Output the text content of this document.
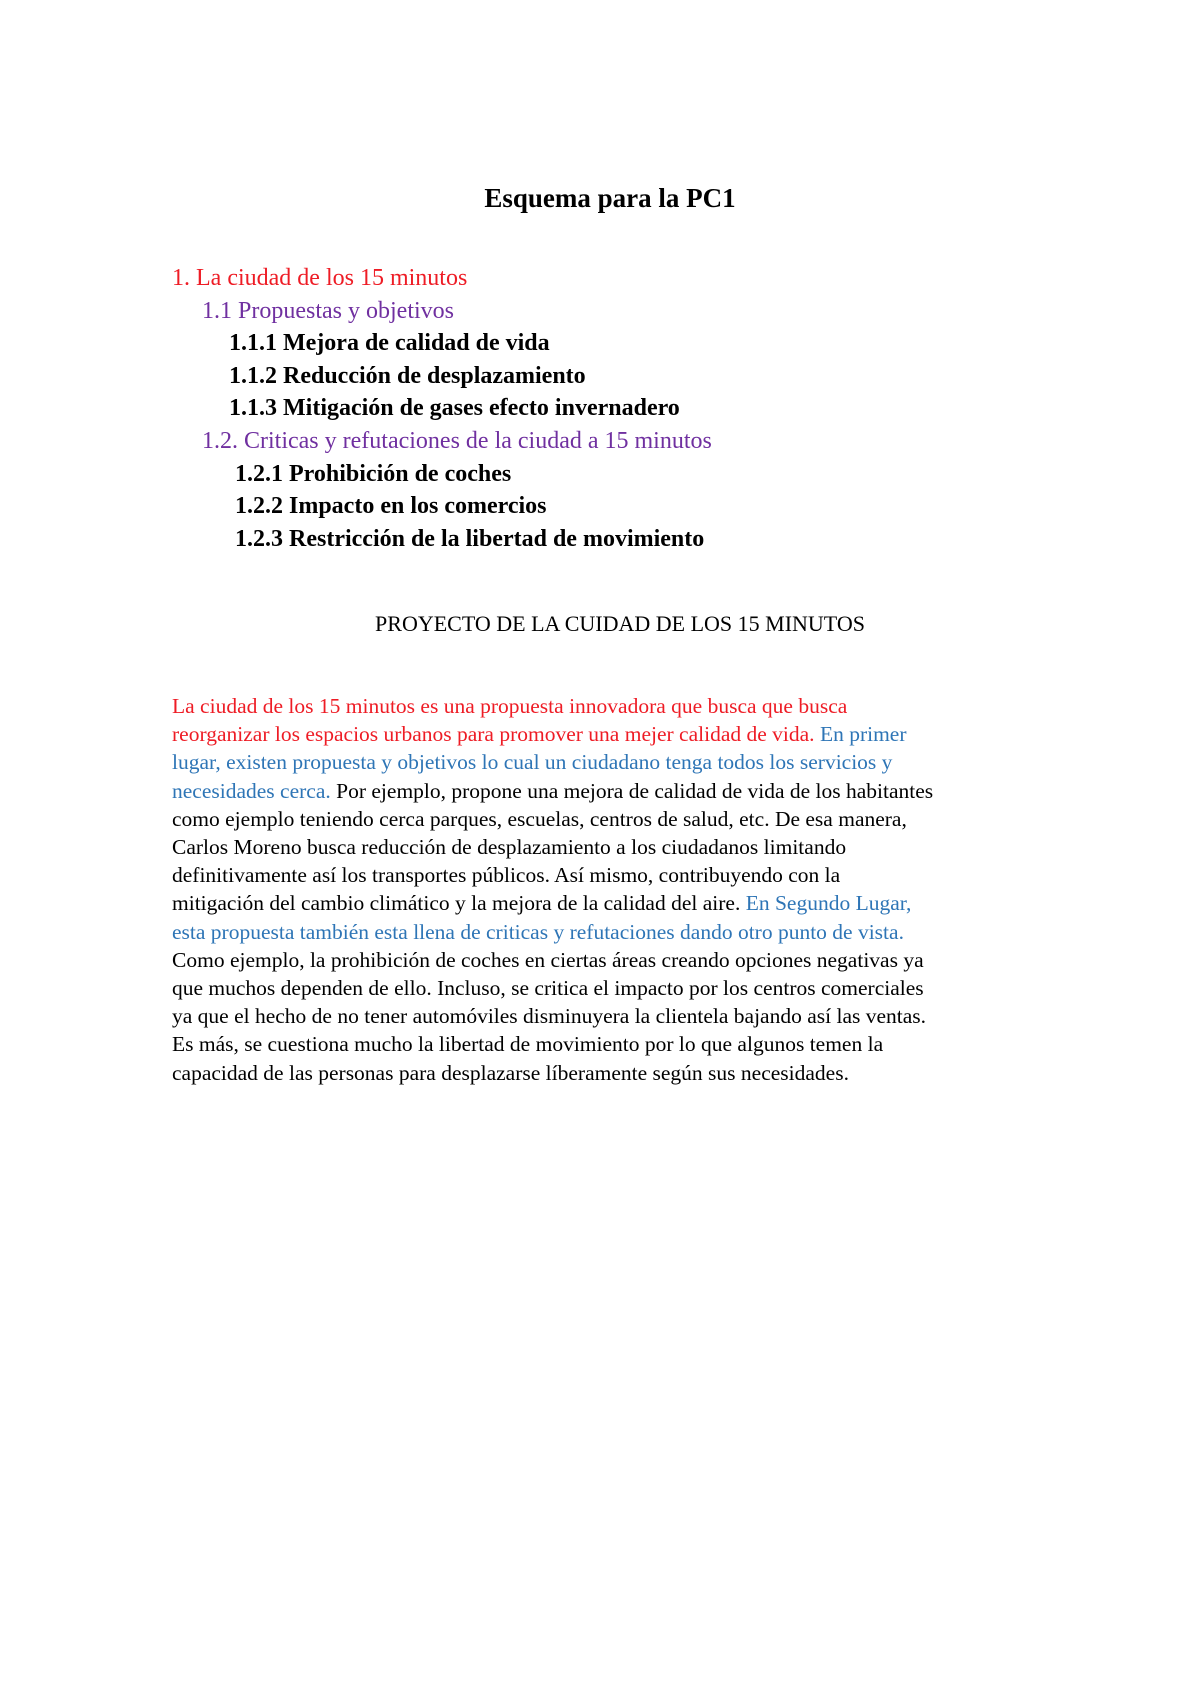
Esquema para la PC1
1. La ciudad de los 15 minutos
1.1 Propuestas y objetivos
1.1.1 Mejora de calidad de vida
1.1.2 Reducción de desplazamiento
1.1.3 Mitigación de gases efecto invernadero
1.2. Criticas y refutaciones de la ciudad a 15 minutos
1.2.1 Prohibición de coches
1.2.2 Impacto en los comercios
1.2.3 Restricción de la libertad de movimiento
PROYECTO DE LA CUIDAD DE LOS 15 MINUTOS

La ciudad de los 15 minutos es una propuesta innovadora que busca que busca
reorganizar los espacios urbanos para promover una mejer calidad de vida. En primer
lugar, existen propuesta y objetivos lo cual un ciudadano tenga todos los servicios y
necesidades cerca. Por ejemplo, propone una mejora de calidad de vida de los habitantes
como ejemplo teniendo cerca parques, escuelas, centros de salud, etc. De esa manera,
Carlos Moreno busca reducción de desplazamiento a los ciudadanos limitando
definitivamente así los transportes públicos. Así mismo, contribuyendo con la
mitigación del cambio climático y la mejora de la calidad del aire. En Segundo Lugar,
esta propuesta también esta llena de criticas y refutaciones dando otro punto de vista.
Como ejemplo, la prohibición de coches en ciertas áreas creando opciones negativas ya
que muchos dependen de ello. Incluso, se critica el impacto por los centros comerciales
ya que el hecho de no tener automóviles disminuyera la clientela bajando así las ventas.
Es más, se cuestiona mucho la libertad de movimiento por lo que algunos temen la
capacidad de las personas para desplazarse líberamente según sus necesidades.
